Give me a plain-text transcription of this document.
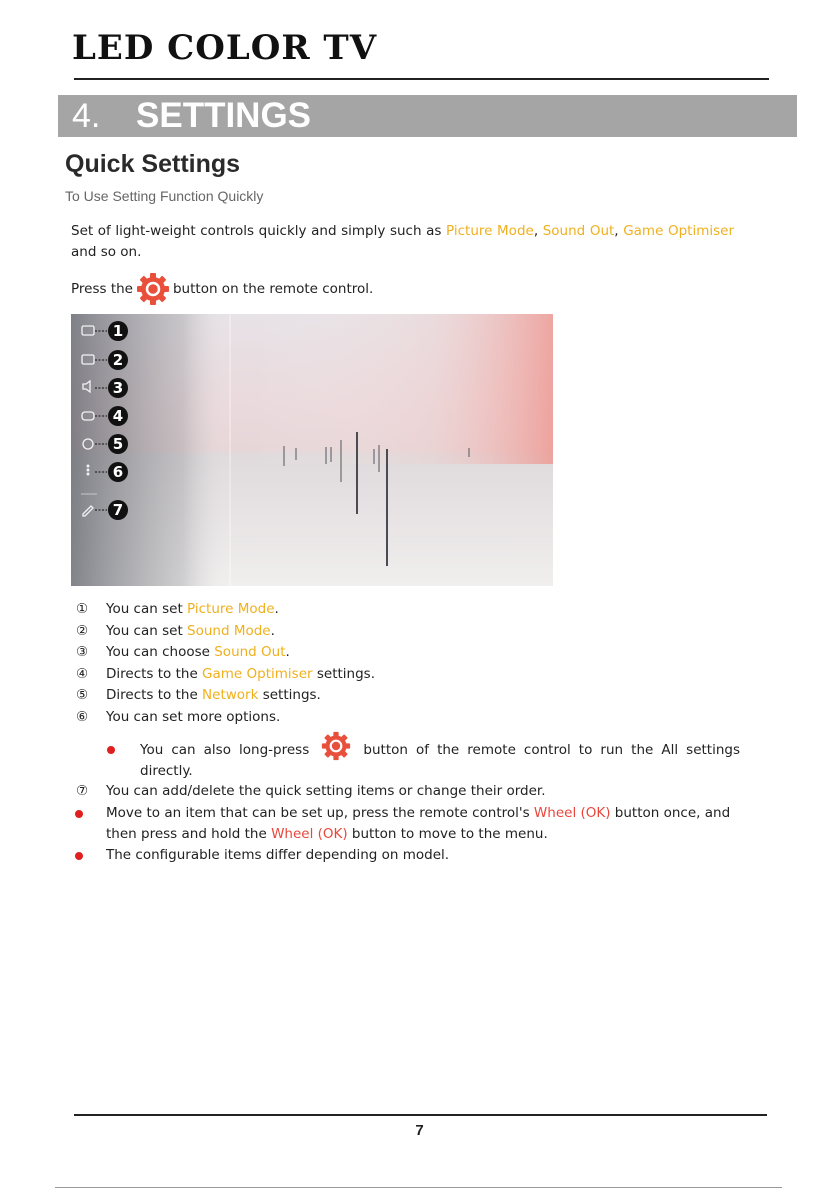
LED COLOR TV
4. SETTINGS
Quick Settings
To Use Setting Function Quickly
Set of light-weight controls quickly and simply such as Picture Mode, Sound Out, Game Optimiser and so on.
Press the	button on the remote control.
1
2
3
4
5
6
7
① You can set Picture Mode.
② You can set Sound Mode.
③ You can choose Sound Out.
④ Directs to the Game Optimiser settings.
⑤ Directs to the Network settings.
⑥ You can set more options.
You can also long-press	button of the remote control to run the All settings directly.
⑦ You can add/delete the quick setting items or change their order.
Move to an item that can be set up, press the remote control's Wheel (OK) button once, and then press and hold the Wheel (OK) button to move to the menu.
The configurable items differ depending on model.
7
